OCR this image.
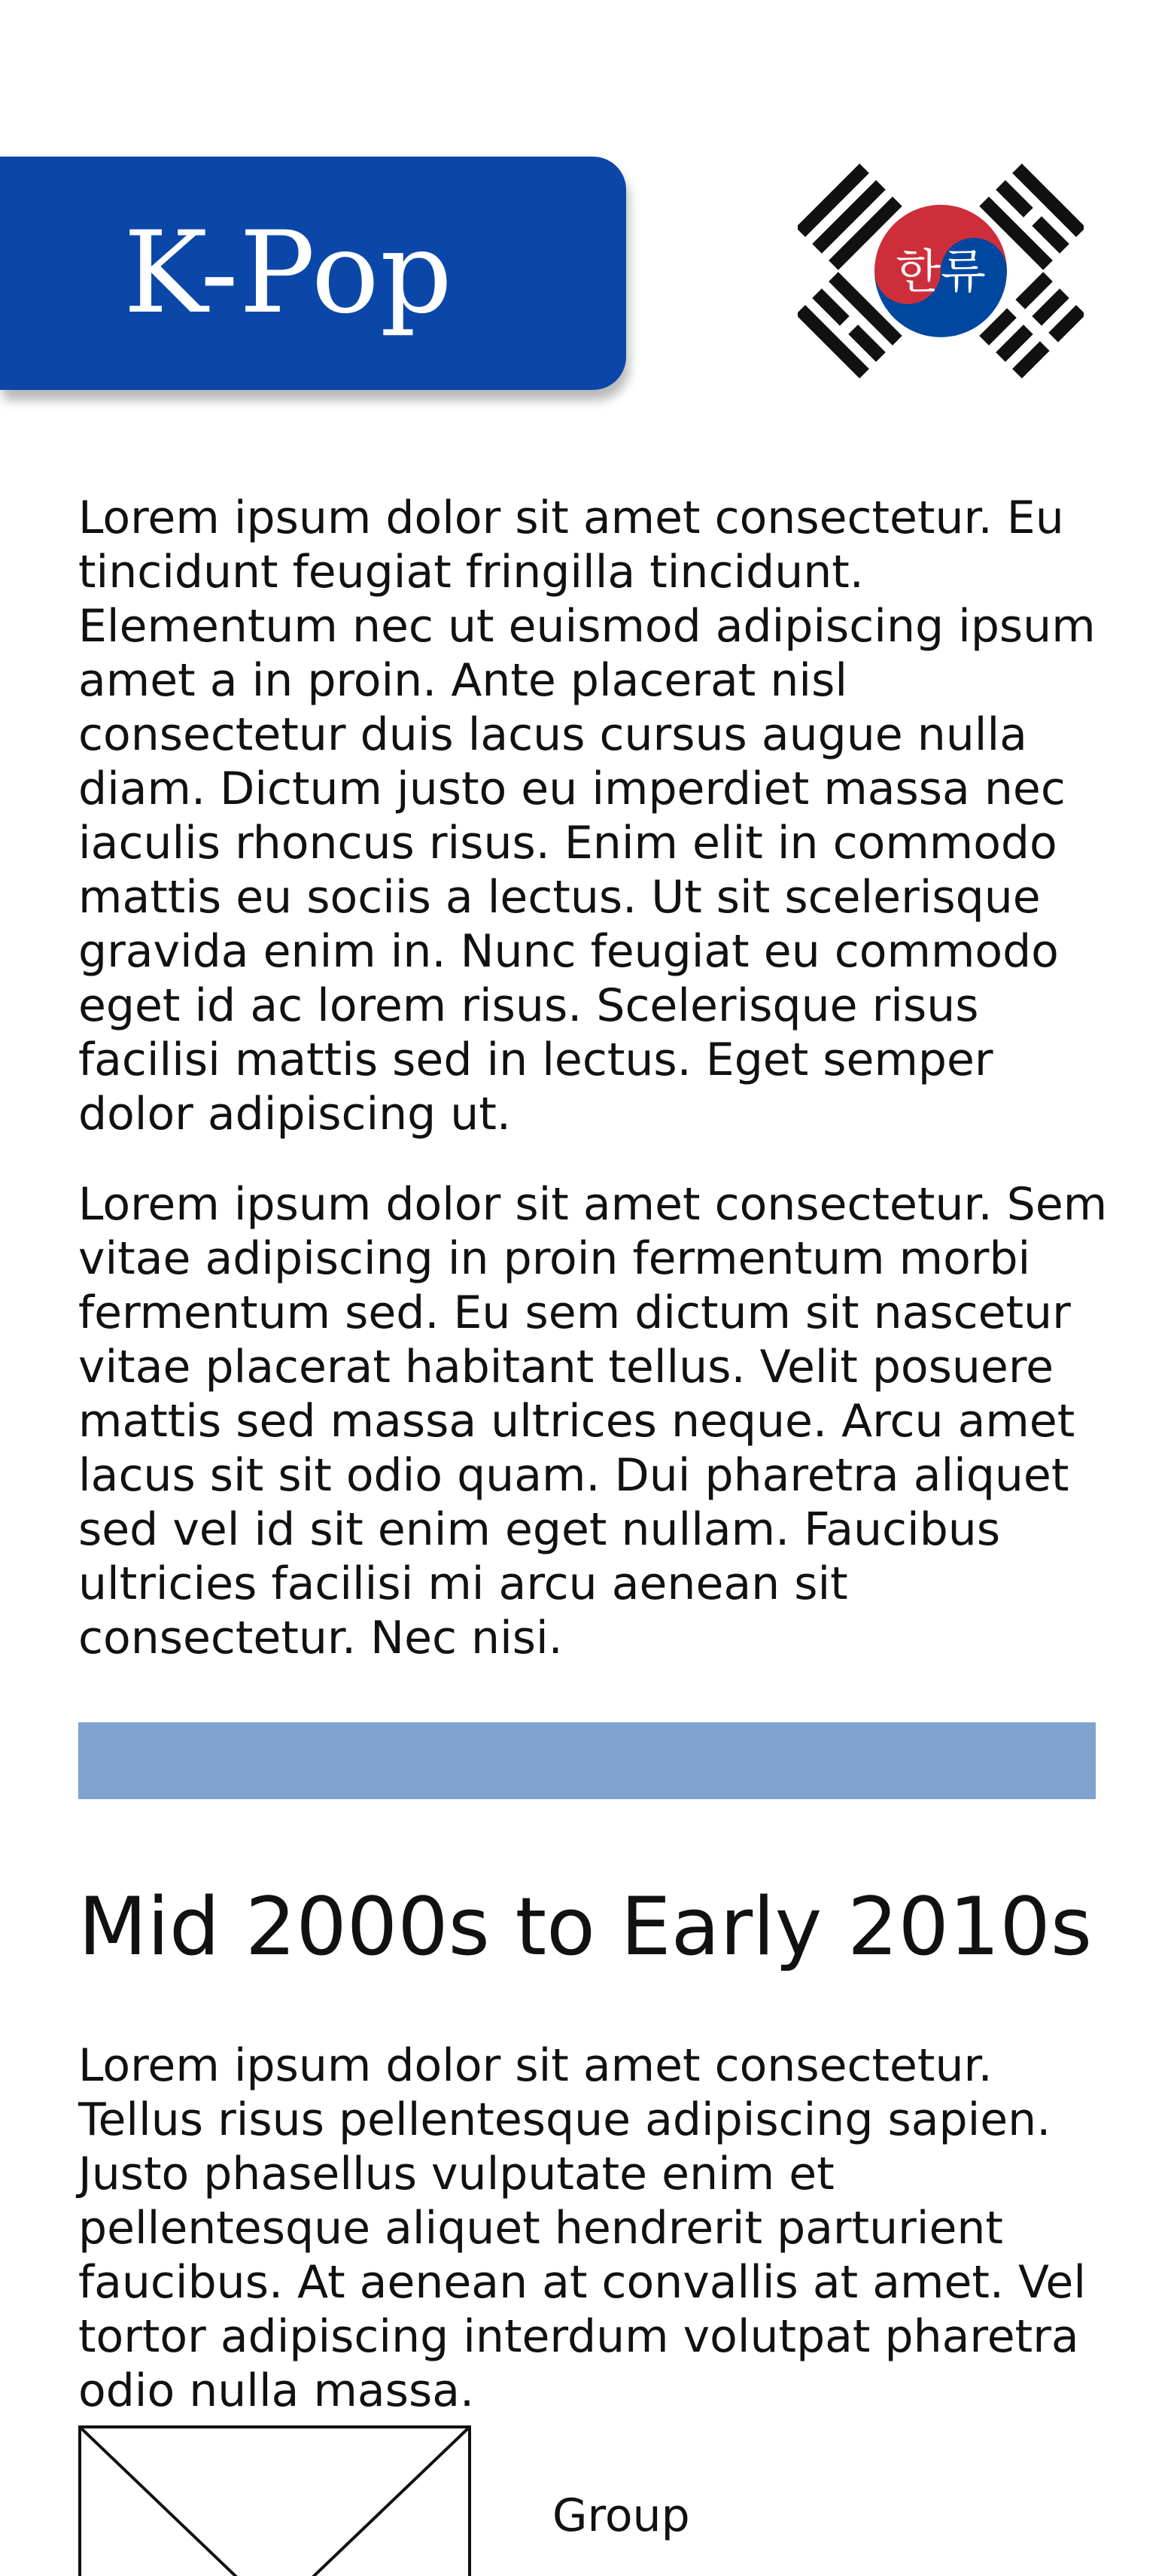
K-Pop	한류

Lorem ipsum dolor sit amet consectetur. Eu tincidunt feugiat fringilla tincidunt. Elementum nec ut euismod adipiscing ipsum amet a in proin. Ante placerat nisl consectetur duis lacus cursus augue nulla diam. Dictum justo eu imperdiet massa nec iaculis rhoncus risus. Enim elit in commodo mattis eu sociis a lectus. Ut sit scelerisque gravida enim in. Nunc feugiat eu commodo eget id ac lorem risus. Scelerisque risus facilisi mattis sed in lectus. Eget semper dolor adipiscing ut.

Lorem ipsum dolor sit amet consectetur. Sem vitae adipiscing in proin fermentum morbi fermentum sed. Eu sem dictum sit nascetur vitae placerat habitant tellus. Velit posuere mattis sed massa ultrices neque. Arcu amet lacus sit sit odio quam. Dui pharetra aliquet sed vel id sit enim eget nullam. Faucibus ultricies facilisi mi arcu aenean sit consectetur. Nec nisi.

Mid 2000s to Early 2010s

Lorem ipsum dolor sit amet consectetur. Tellus risus pellentesque adipiscing sapien. Justo phasellus vulputate enim et pellentesque aliquet hendrerit parturient faucibus. At aenean at convallis at amet. Vel tortor adipiscing interdum volutpat pharetra odio nulla massa.

Group
